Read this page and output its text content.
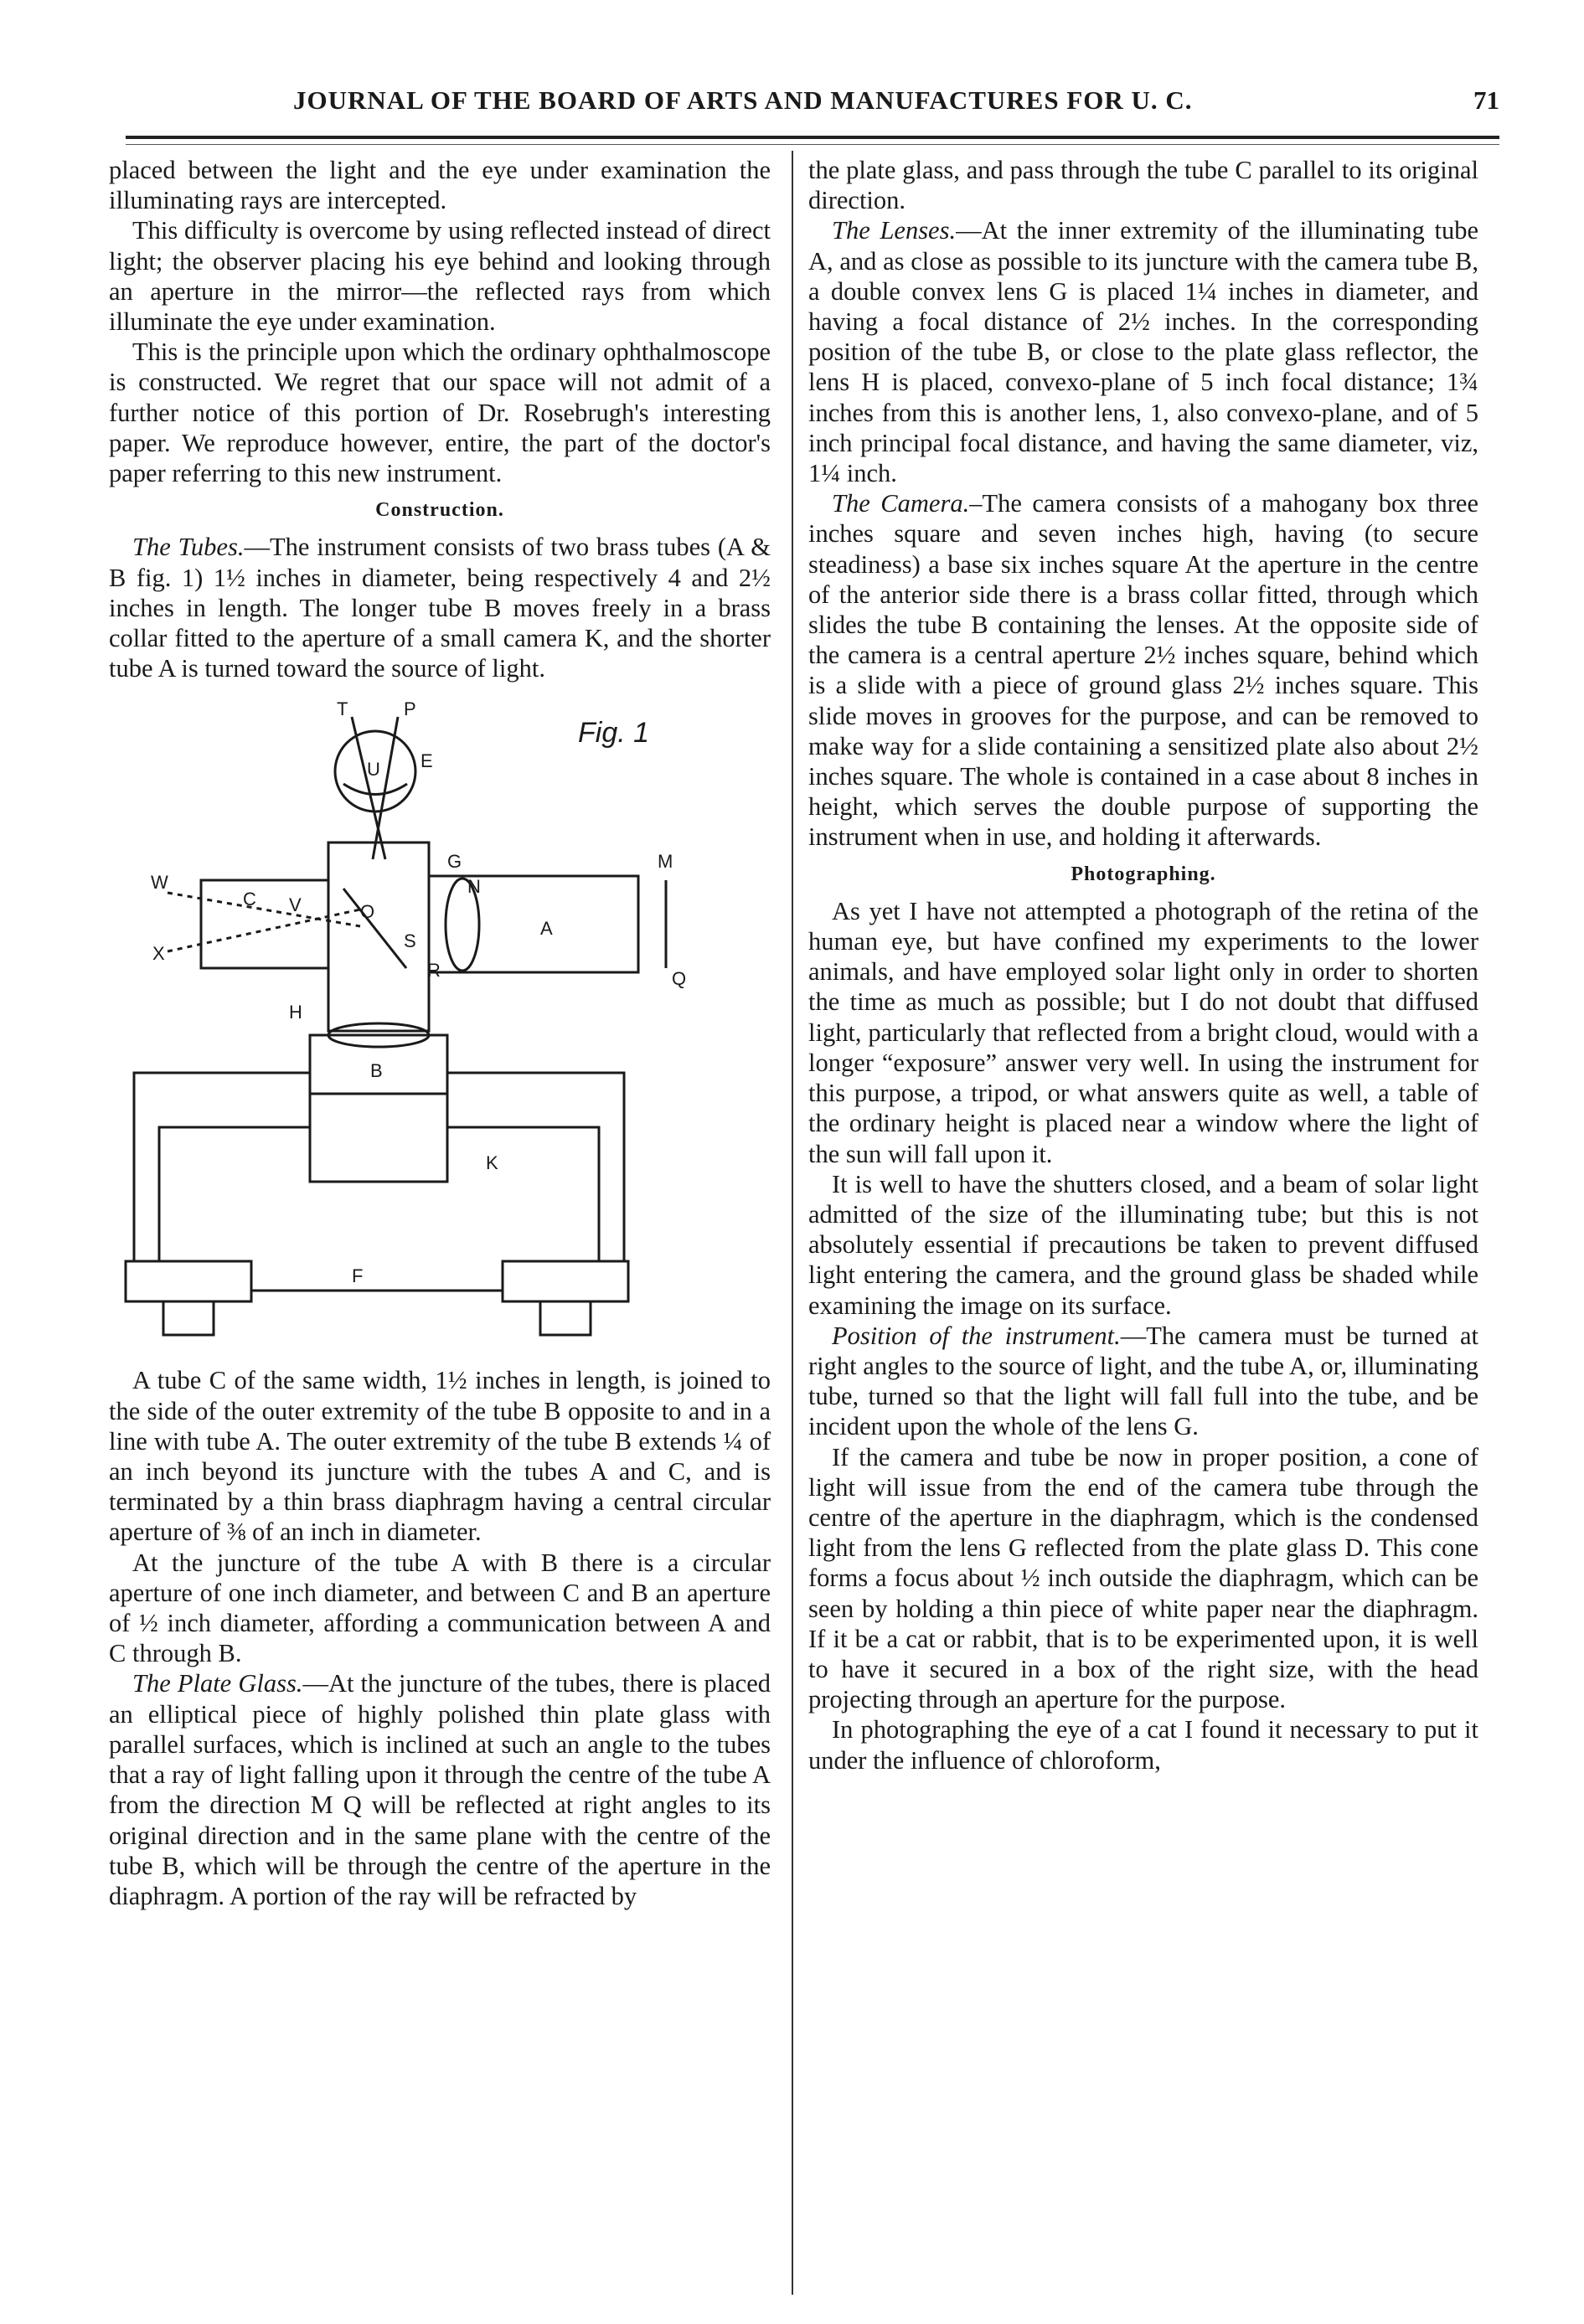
JOURNAL OF THE BOARD OF ARTS AND MANUFACTURES FOR U. C.	71

placed between the light and the eye under examination the illuminating rays are intercepted.

This difficulty is overcome by using reflected instead of direct light; the observer placing his eye behind and looking through an aperture in the mirror—the reflected rays from which illuminate the eye under examination.

This is the principle upon which the ordinary ophthalmoscope is constructed. We regret that our space will not admit of a further notice of this portion of Dr. Rosebrugh's interesting paper. We reproduce however, entire, the part of the doctor's paper referring to this new instrument.

Construction.

The Tubes.—The instrument consists of two brass tubes (A & B fig. 1) 1½ inches in diameter, being respectively 4 and 2½ inches in length. The longer tube B moves freely in a brass collar fitted to the aperture of a small camera K, and the shorter tube A is turned toward the source of light.

T	P
E
U
G
N
M
W
C V	O
A
X
S
R	Q
H
B
K
F
Fig. 1

A tube C of the same width, 1½ inches in length, is joined to the side of the outer extremity of the tube B opposite to and in a line with tube A. The outer extremity of the tube B extends ¼ of an inch beyond its juncture with the tubes A and C, and is terminated by a thin brass diaphragm having a central circular aperture of ⅜ of an inch in diameter.

At the juncture of the tube A with B there is a circular aperture of one inch diameter, and between C and B an aperture of ½ inch diameter, affording a communication between A and C through B.

The Plate Glass.—At the juncture of the tubes, there is placed an elliptical piece of highly polished thin plate glass with parallel surfaces, which is inclined at such an angle to the tubes that a ray of light falling upon it through the centre of the tube A from the direction M Q will be reflected at right angles to its original direction and in the same plane with the centre of the tube B, which will be through the centre of the aperture in the diaphragm. A portion of the ray will be refracted by

the plate glass, and pass through the tube C parallel to its original direction.

The Lenses.—At the inner extremity of the illuminating tube A, and as close as possible to its juncture with the camera tube B, a double convex lens G is placed 1¼ inches in diameter, and having a focal distance of 2½ inches. In the corresponding position of the tube B, or close to the plate glass reflector, the lens H is placed, convexo-plane of 5 inch focal distance; 1¾ inches from this is another lens, 1, also convexo-plane, and of 5 inch principal focal distance, and having the same diameter, viz, 1¼ inch.

The Camera.–The camera consists of a mahogany box three inches square and seven inches high, having (to secure steadiness) a base six inches square At the aperture in the centre of the anterior side there is a brass collar fitted, through which slides the tube B containing the lenses. At the opposite side of the camera is a central aperture 2½ inches square, behind which is a slide with a piece of ground glass 2½ inches square. This slide moves in grooves for the purpose, and can be removed to make way for a slide containing a sensitized plate also about 2½ inches square. The whole is contained in a case about 8 inches in height, which serves the double purpose of supporting the instrument when in use, and holding it afterwards.

Photographing.

As yet I have not attempted a photograph of the retina of the human eye, but have confined my experiments to the lower animals, and have employed solar light only in order to shorten the time as much as possible; but I do not doubt that diffused light, particularly that reflected from a bright cloud, would with a longer “exposure” answer very well. In using the instrument for this purpose, a tripod, or what answers quite as well, a table of the ordinary height is placed near a window where the light of the sun will fall upon it.

It is well to have the shutters closed, and a beam of solar light admitted of the size of the illuminating tube; but this is not absolutely essential if precautions be taken to prevent diffused light entering the camera, and the ground glass be shaded while examining the image on its surface.

Position of the instrument.—The camera must be turned at right angles to the source of light, and the tube A, or, illuminating tube, turned so that the light will fall full into the tube, and be incident upon the whole of the lens G.

If the camera and tube be now in proper position, a cone of light will issue from the end of the camera tube through the centre of the aperture in the diaphragm, which is the condensed light from the lens G reflected from the plate glass D. This cone forms a focus about ½ inch outside the diaphragm, which can be seen by holding a thin piece of white paper near the diaphragm. If it be a cat or rabbit, that is to be experimented upon, it is well to have it secured in a box of the right size, with the head projecting through an aperture for the purpose.

In photographing the eye of a cat I found it necessary to put it under the influence of chloroform,
